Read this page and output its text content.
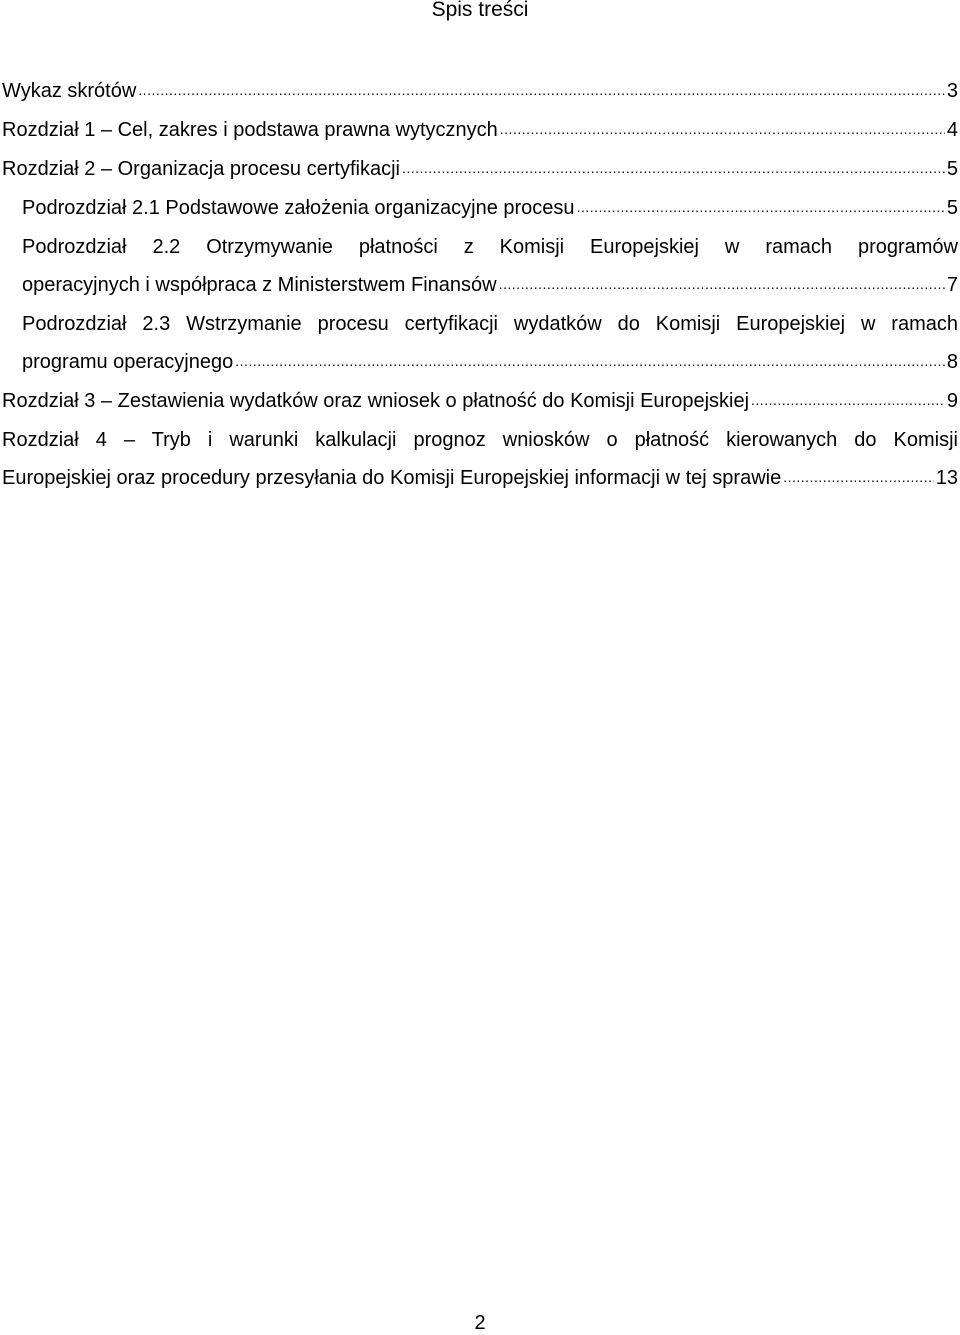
Spis treści
Wykaz skrótów .....	3
Rozdział 1 – Cel, zakres i podstawa prawna wytycznych .....	4
Rozdział 2 – Organizacja procesu certyfikacji .....	5
Podrozdział 2.1 Podstawowe założenia organizacyjne procesu .....	5
Podrozdział 2.2 Otrzymywanie płatności z Komisji Europejskiej w ramach programów
operacyjnych i współpraca z Ministerstwem Finansów .....	7
Podrozdział 2.3 Wstrzymanie procesu certyfikacji wydatków do Komisji Europejskiej w ramach
programu operacyjnego .....	8
Rozdział 3 – Zestawienia wydatków oraz wniosek o płatność do Komisji Europejskiej .....	9
Rozdział 4 – Tryb i warunki kalkulacji prognoz wniosków o płatność kierowanych do Komisji
Europejskiej oraz procedury przesyłania do Komisji Europejskiej informacji w tej sprawie .....	13
2
